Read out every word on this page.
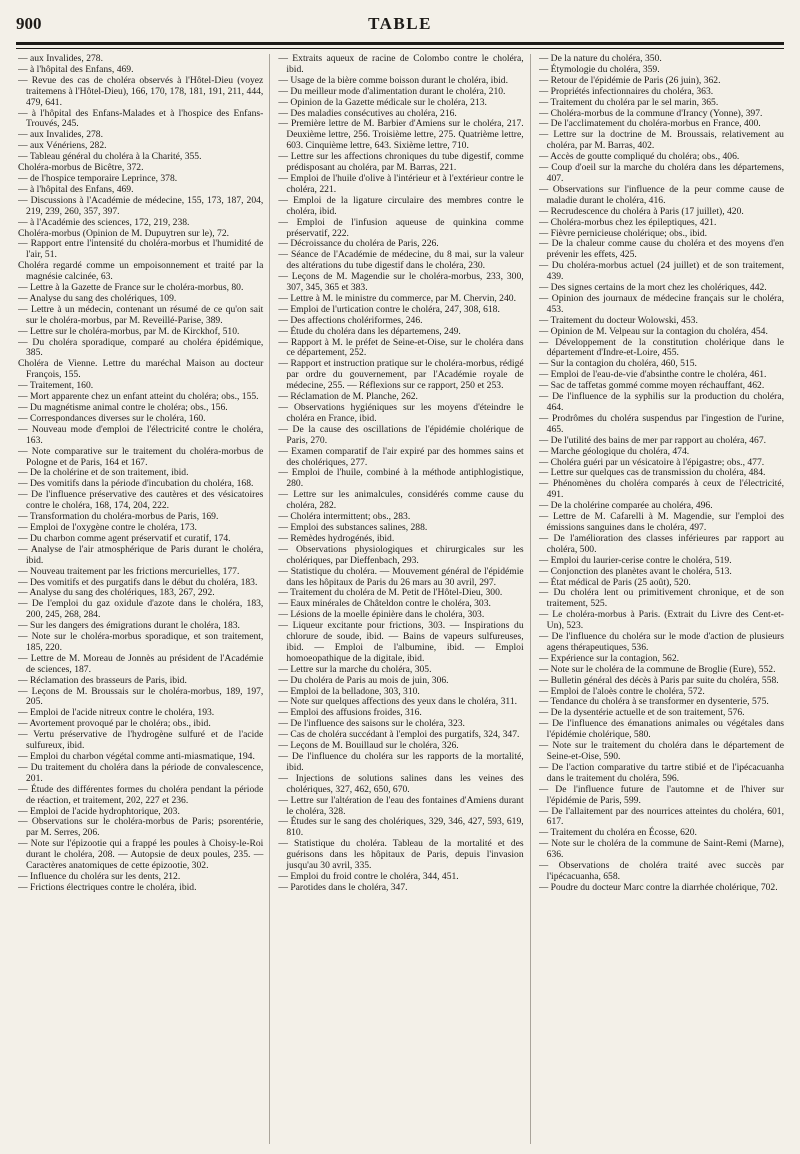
900	TABLE

— aux Invalides, 278.

— à l'hôpital des Enfans, 469.

— Revue des cas de choléra observés à l'Hôtel-Dieu (voyez traitemens à l'Hôtel-Dieu), 166, 170, 178, 181, 191, 211, 444, 479, 641.

— à l'hôpital des Enfans-Malades et à l'hospice des Enfans-Trouvés, 245.

— aux Invalides, 278.

— aux Vénériens, 282.

— Tableau général du choléra à la Charité, 355.

Choléra-morbus de Bicêtre, 372.

— de l'hospice temporaire Leprince, 378.

— à l'hôpital des Enfans, 469.

— Discussions à l'Académie de médecine, 155, 173, 187, 204, 219, 239, 260, 357, 397.

— à l'Académie des sciences, 172, 219, 238.

Choléra-morbus (Opinion de M. Dupuytren sur le), 72.

— Rapport entre l'intensité du choléra-morbus et l'humidité de l'air, 51.

Choléra regardé comme un empoisonnement et traité par la magnésie calcinée, 63.

— Lettre à la Gazette de France sur le choléra-morbus, 80.

— Analyse du sang des cholériques, 109.

— Lettre à un médecin, contenant un résumé de ce qu'on sait sur le choléra-morbus, par M. Reveillé-Parise, 389.

— Lettre sur le choléra-morbus, par M. de Kirckhof, 510.

— Du choléra sporadique, comparé au choléra épidémique, 385.

Choléra de Vienne. Lettre du maréchal Maison au docteur François, 155.

— Traitement, 160.

— Mort apparente chez un enfant atteint du choléra; obs., 155.

— Du magnétisme animal contre le choléra; obs., 156.

— Correspondances diverses sur le choléra, 160.

— Nouveau mode d'emploi de l'électricité contre le choléra, 163.

— Note comparative sur le traitement du choléra-morbus de Pologne et de Paris, 164 et 167.

— De la cholérine et de son traitement, ibid.

— Des vomitifs dans la période d'incubation du choléra, 168.

— De l'influence préservative des cautères et des vésicatoires contre le choléra, 168, 174, 204, 222.

— Transformation du choléra-morbus de Paris, 169.

— Emploi de l'oxygène contre le choléra, 173.

— Du charbon comme agent préservatif et curatif, 174.

— Analyse de l'air atmosphérique de Paris durant le choléra, ibid.

— Nouveau traitement par les frictions mercurielles, 177.

— Des vomitifs et des purgatifs dans le début du choléra, 183.

— Analyse du sang des cholériques, 183, 267, 292.

— De l'emploi du gaz oxidule d'azote dans le choléra, 183, 200, 245, 268, 284.

— Sur les dangers des émigrations durant le choléra, 183.

— Note sur le choléra-morbus sporadique, et son traitement, 185, 220.

— Lettre de M. Moreau de Jonnès au président de l'Académie de sciences, 187.

— Réclamation des brasseurs de Paris, ibid.

— Leçons de M. Broussais sur le choléra-morbus, 189, 197, 205.

— Emploi de l'acide nitreux contre le choléra, 193.

— Avortement provoqué par le choléra; obs., ibid.

— Vertu préservative de l'hydrogène sulfuré et de l'acide sulfureux, ibid.

— Emploi du charbon végétal comme anti-miasmatique, 194.

— Du traitement du choléra dans la période de convalescence, 201.

— Étude des différentes formes du choléra pendant la période de réaction, et traitement, 202, 227 et 236.

— Emploi de l'acide hydrophtorique, 203.

— Observations sur le choléra-morbus de Paris; psorentérie, par M. Serres, 206.

— Note sur l'épizootie qui a frappé les poules à Choisy-le-Roi durant le choléra, 208. — Autopsie de deux poules, 235. — Caractères anatomiques de cette épizootie, 302.

— Influence du choléra sur les dents, 212.

— Frictions électriques contre le choléra, ibid.

— Extraits aqueux de racine de Colombo contre le choléra, ibid.

— Usage de la bière comme boisson durant le choléra, ibid.

— Du meilleur mode d'alimentation durant le choléra, 210.

— Opinion de la Gazette médicale sur le choléra, 213.

— Des maladies consécutives au choléra, 216.

— Première lettre de M. Barbier d'Amiens sur le choléra, 217. Deuxième lettre, 256. Troisième lettre, 275. Quatrième lettre, 603. Cinquième lettre, 643. Sixième lettre, 710.

— Lettre sur les affections chroniques du tube digestif, comme prédisposant au choléra, par M. Barras, 221.

— Emploi de l'huile d'olive à l'intérieur et à l'extérieur contre le choléra, 221.

— Emploi de la ligature circulaire des membres contre le choléra, ibid.

— Emploi de l'infusion aqueuse de quinkina comme préservatif, 222.

— Décroissance du choléra de Paris, 226.

— Séance de l'Académie de médecine, du 8 mai, sur la valeur des altérations du tube digestif dans le choléra, 230.

— Leçons de M. Magendie sur le choléra-morbus, 233, 300, 307, 345, 365 et 383.

— Lettre à M. le ministre du commerce, par M. Chervin, 240.

— Emploi de l'urtication contre le choléra, 247, 308, 618.

— Des affections cholériformes, 246.

— Étude du choléra dans les départemens, 249.

— Rapport à M. le préfet de Seine-et-Oise, sur le choléra dans ce département, 252.

— Rapport et instruction pratique sur le choléra-morbus, rédigé par ordre du gouvernement, par l'Académie royale de médecine, 255. — Réflexions sur ce rapport, 250 et 253.

— Réclamation de M. Planche, 262.

— Observations hygiéniques sur les moyens d'éteindre le choléra en France, ibid.

— De la cause des oscillations de l'épidémie cholérique de Paris, 270.

— Examen comparatif de l'air expiré par des hommes sains et des cholériques, 277.

— Emploi de l'huile, combiné à la méthode antiphlogistique, 280.

— Lettre sur les animalcules, considérés comme cause du choléra, 282.

— Choléra intermittent; obs., 283.

— Emploi des substances salines, 288.

— Remèdes hydrogénés, ibid.

— Observations physiologiques et chirurgicales sur les cholériques, par Dieffenbach, 293.

— Statistique du choléra. — Mouvement général de l'épidémie dans les hôpitaux de Paris du 26 mars au 30 avril, 297.

— Traitement du choléra de M. Petit de l'Hôtel-Dieu, 300.

— Eaux minérales de Châteldon contre le choléra, 303.

— Lésions de la moelle épinière dans le choléra, 303.

— Liqueur excitante pour frictions, 303. — Inspirations du chlorure de soude, ibid. — Bains de vapeurs sulfureuses, ibid. — Emploi de l'albumine, ibid. — Emploi homoeopathique de la digitale, ibid.

— Lettre sur la marche du choléra, 305.

— Du choléra de Paris au mois de juin, 306.

— Emploi de la belladone, 303, 310.

— Note sur quelques affections des yeux dans le choléra, 311.

— Emploi des affusions froides, 316.

— De l'influence des saisons sur le choléra, 323.

— Cas de choléra succédant à l'emploi des purgatifs, 324, 347.

— Leçons de M. Bouillaud sur le choléra, 326.

— De l'influence du choléra sur les rapports de la mortalité, ibid.

— Injections de solutions salines dans les veines des cholériques, 327, 462, 650, 670.

— Lettre sur l'altération de l'eau des fontaines d'Amiens durant le choléra, 328.

— Études sur le sang des cholériques, 329, 346, 427, 593, 619, 810.

— Statistique du choléra. Tableau de la mortalité et des guérisons dans les hôpitaux de Paris, depuis l'invasion jusqu'au 30 avril, 335.

— Emploi du froid contre le choléra, 344, 451.

— Parotides dans le choléra, 347.

— De la nature du choléra, 350.

— Étymologie du choléra, 359.

— Retour de l'épidémie de Paris (26 juin), 362.

— Propriétés infectionnaires du choléra, 363.

— Traitement du choléra par le sel marin, 365.

— Choléra-morbus de la commune d'Irancy (Yonne), 397.

— De l'acclimatement du choléra-morbus en France, 400.

— Lettre sur la doctrine de M. Broussais, relativement au choléra, par M. Barras, 402.

— Accès de goutte compliqué du choléra; obs., 406.

— Coup d'oeil sur la marche du choléra dans les départemens, 407.

— Observations sur l'influence de la peur comme cause de maladie durant le choléra, 416.

— Recrudescence du choléra à Paris (17 juillet), 420.

— Choléra-morbus chez les épileptiques, 421.

— Fièvre pernicieuse cholérique; obs., ibid.

— De la chaleur comme cause du choléra et des moyens d'en prévenir les effets, 425.

— Du choléra-morbus actuel (24 juillet) et de son traitement, 439.

— Des signes certains de la mort chez les cholériques, 442.

— Opinion des journaux de médecine français sur le choléra, 453.

— Traitement du docteur Wolowski, 453.

— Opinion de M. Velpeau sur la contagion du choléra, 454.

— Développement de la constitution cholérique dans le département d'Indre-et-Loire, 455.

— Sur la contagion du choléra, 460, 515.

— Emploi de l'eau-de-vie d'absinthe contre le choléra, 461.

— Sac de taffetas gommé comme moyen réchauffant, 462.

— De l'influence de la syphilis sur la production du choléra, 464.

— Prodrômes du choléra suspendus par l'ingestion de l'urine, 465.

— De l'utilité des bains de mer par rapport au choléra, 467.

— Marche géologique du choléra, 474.

— Choléra guéri par un vésicatoire à l'épigastre; obs., 477.

— Lettre sur quelques cas de transmission du choléra, 484.

— Phénomènes du choléra comparés à ceux de l'électricité, 491.

— De la cholérine comparée au choléra, 496.

— Lettre de M. Cafarelli à M. Magendie, sur l'emploi des émissions sanguines dans le choléra, 497.

— De l'amélioration des classes inférieures par rapport au choléra, 500.

— Emploi du laurier-cerise contre le choléra, 519.

— Conjonction des planètes avant le choléra, 513.

— État médical de Paris (25 août), 520.

— Du choléra lent ou primitivement chronique, et de son traitement, 525.

— Le choléra-morbus à Paris. (Extrait du Livre des Cent-et-Un), 523.

— De l'influence du choléra sur le mode d'action de plusieurs agens thérapeutiques, 536.

— Expérience sur la contagion, 562.

— Note sur le choléra de la commune de Broglie (Eure), 552.

— Bulletin général des décès à Paris par suite du choléra, 558.

— Emploi de l'aloès contre le choléra, 572.

— Tendance du choléra à se transformer en dysenterie, 575.

— De la dysentérie actuelle et de son traitement, 576.

— De l'influence des émanations animales ou végétales dans l'épidémie cholérique, 580.

— Note sur le traitement du choléra dans le département de Seine-et-Oise, 590.

— De l'action comparative du tartre stibié et de l'ipécacuanha dans le traitement du choléra, 596.

— De l'influence future de l'automne et de l'hiver sur l'épidémie de Paris, 599.

— De l'allaitement par des nourrices atteintes du choléra, 601, 617.

— Traitement du choléra en Écosse, 620.

— Note sur le choléra de la commune de Saint-Remi (Marne), 636.

— Observations de choléra traité avec succès par l'ipécacuanha, 658.

— Poudre du docteur Marc contre la diarrhée cholérique, 702.
